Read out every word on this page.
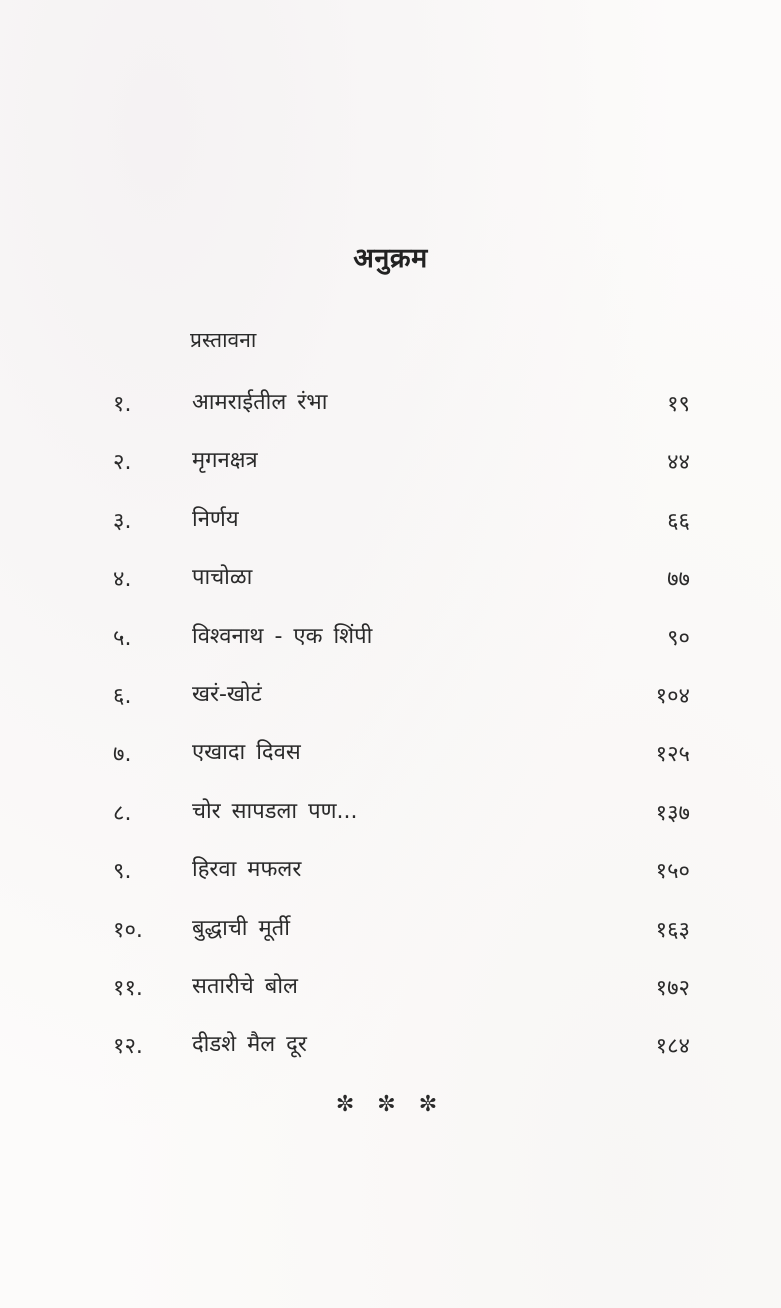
अनुक्रम
प्रस्तावना
१.	आमराईतील रंभा	१९
२.	मृगनक्षत्र	४४
३.	निर्णय	६६
४.	पाचोळा	७७
५.	विश्वनाथ - एक शिंपी	९०
६.	खरं-खोटं	१०४
७.	एखादा दिवस	१२५
८.	चोर सापडला पण...	१३७
९.	हिरवा मफलर	१५०
१०. बुद्धाची मूर्ती	१६३
११. सतारीचे बोल	१७२
१२. दीडशे मैल दूर	१८४
✼ ✼ ✼
